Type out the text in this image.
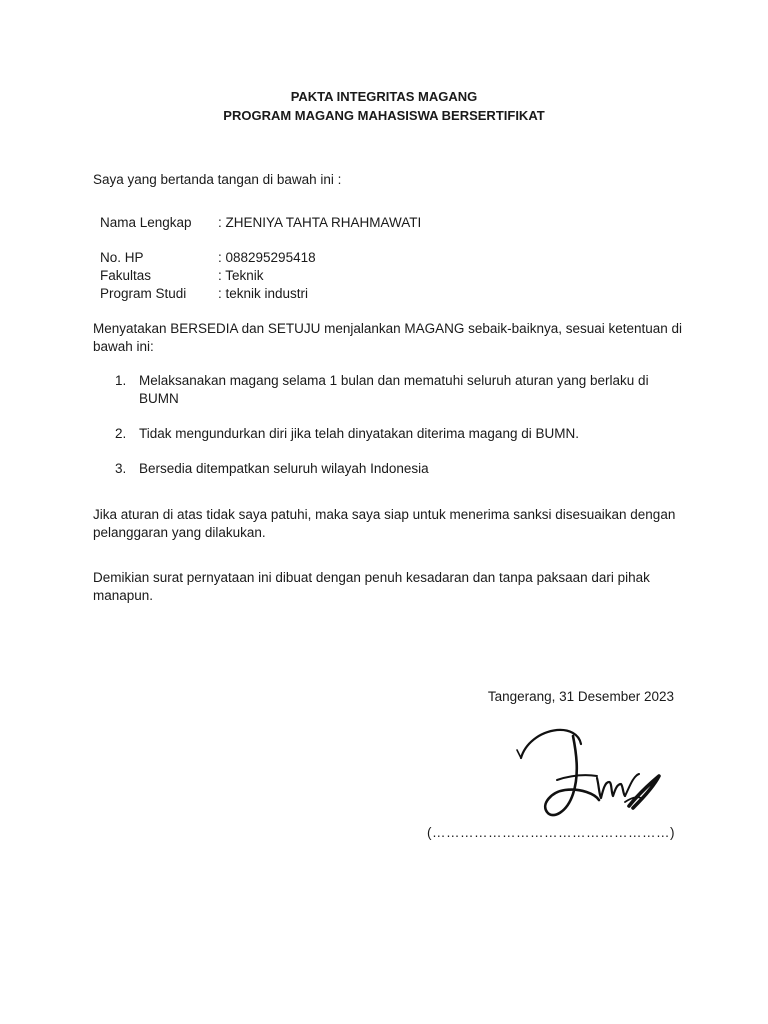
PAKTA INTEGRITAS MAGANG
PROGRAM MAGANG MAHASISWA BERSERTIFIKAT
Saya yang bertanda tangan di bawah ini :
Nama Lengkap	: ZHENIYA TAHTA RHAHMAWATI
No. HP	: 088295295418
Fakultas	: Teknik
Program Studi	: teknik industri
Menyatakan BERSEDIA dan SETUJU menjalankan MAGANG sebaik-baiknya, sesuai ketentuan di bawah ini:
1. Melaksanakan magang selama 1 bulan dan mematuhi seluruh aturan yang berlaku di BUMN
2. Tidak mengundurkan diri jika telah dinyatakan diterima magang di BUMN.
3. Bersedia ditempatkan seluruh wilayah Indonesia
Jika aturan di atas tidak saya patuhi, maka saya siap untuk menerima sanksi disesuaikan dengan pelanggaran yang dilakukan.
Demikian surat pernyataan ini dibuat dengan penuh kesadaran dan tanpa paksaan dari pihak manapun.
Tangerang, 31 Desember 2023
(……………………………………………)
